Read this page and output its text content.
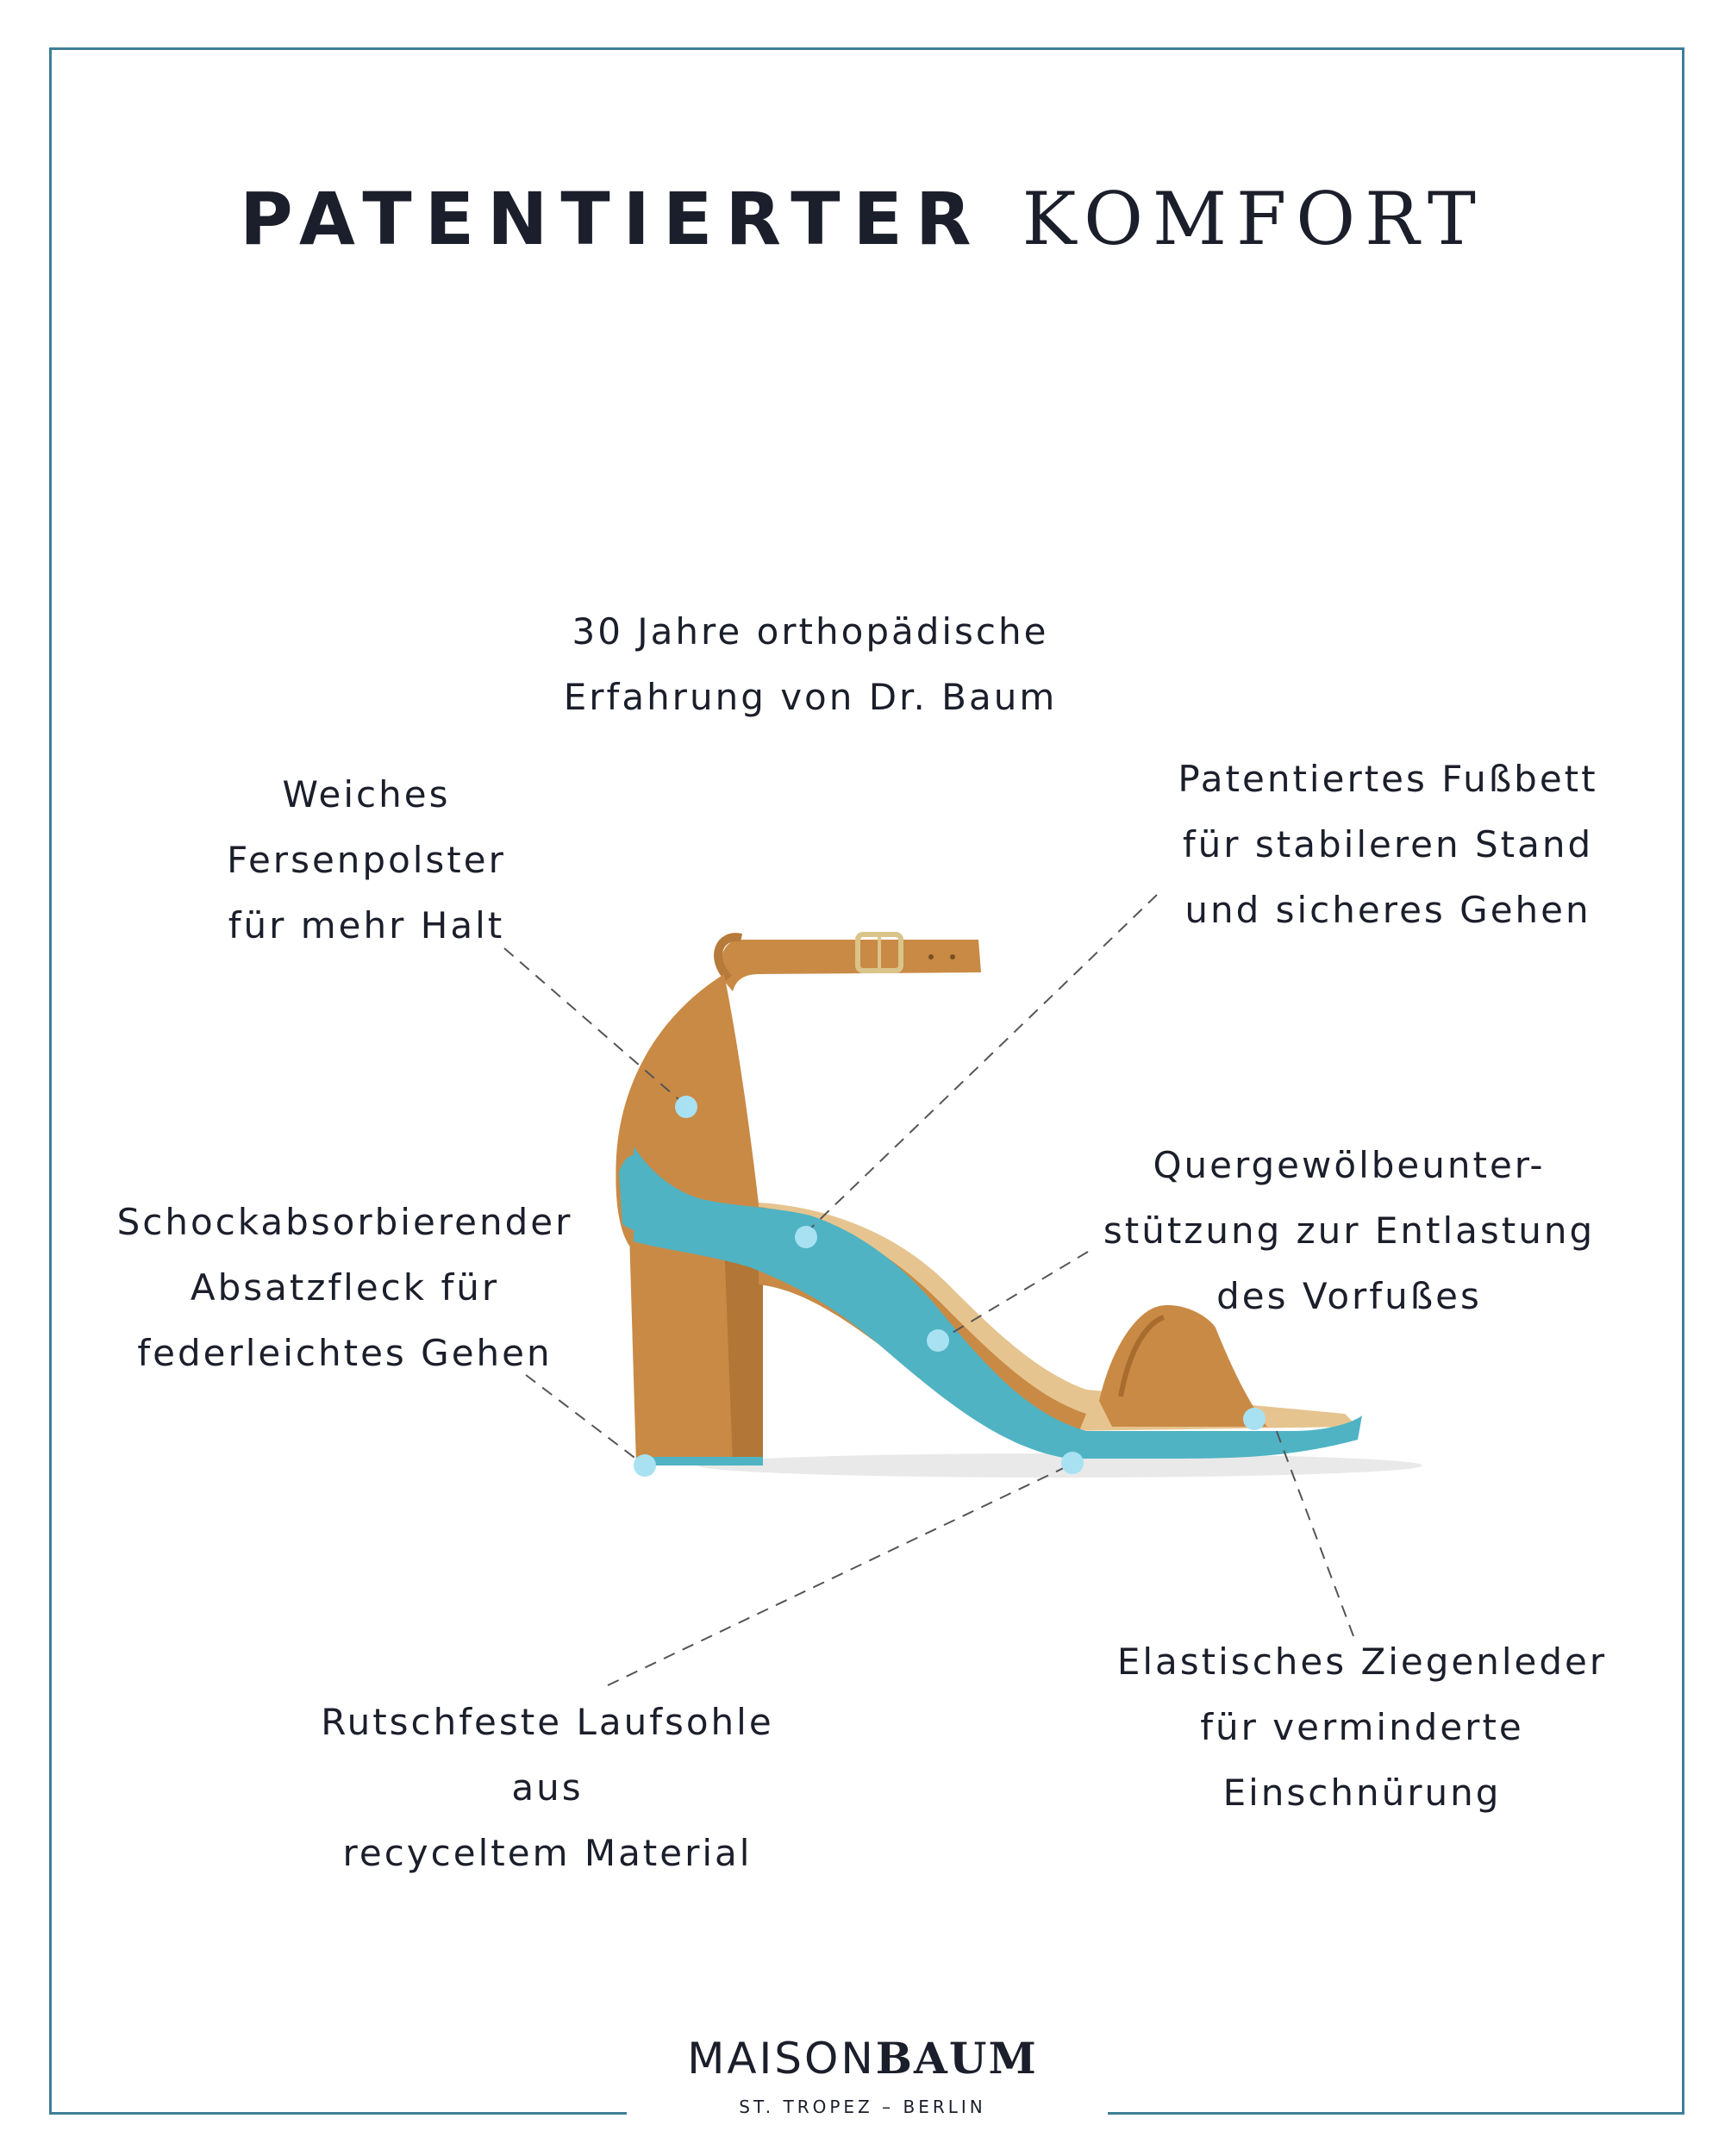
PATENTIERTER KOMFORT
30 Jahre orthopädische
Erfahrung von Dr. Baum
Weiches
Fersenpolster
für mehr Halt
Patentiertes Fußbett
für stabileren Stand
und sicheres Gehen
Schockabsorbierender
Absatzfleck für
federleichtes Gehen
Quergewölbeunter-
stützung zur Entlastung
des Vorfußes
Rutschfeste Laufsohle
aus
recyceltem Material
Elastisches Ziegenleder
für verminderte
Einschnürung
MAISONBAUM
ST. TROPEZ – BERLIN
